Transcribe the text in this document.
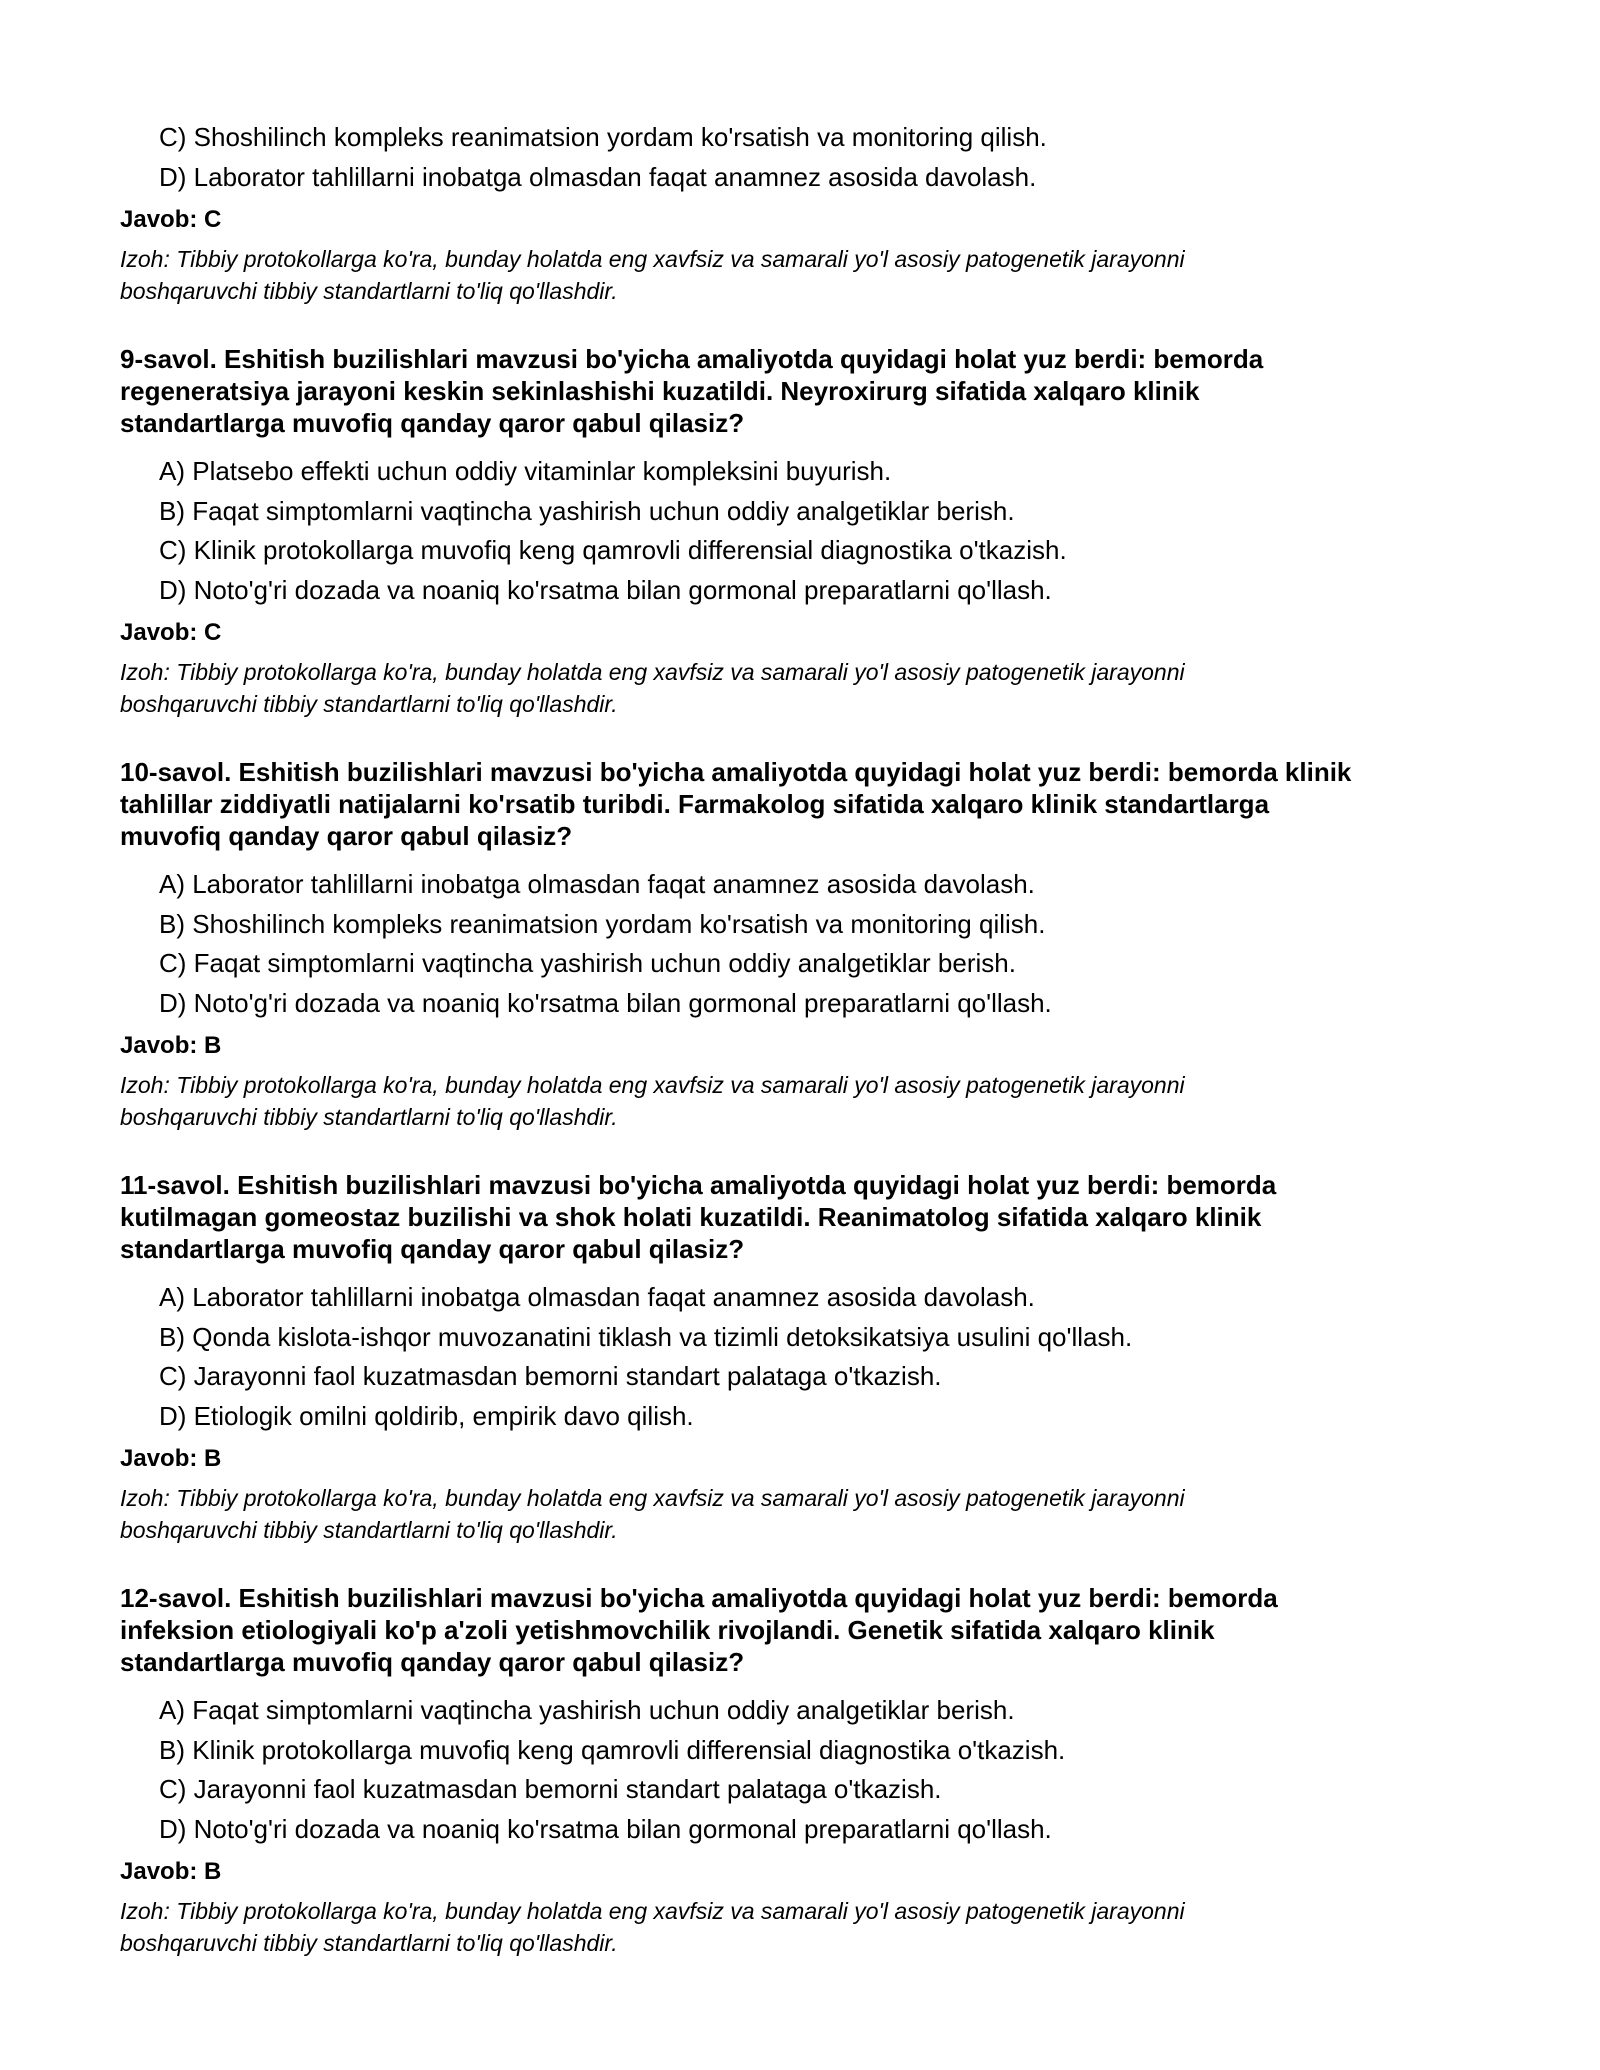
C) Shoshilinch kompleks reanimatsion yordam ko'rsatish va monitoring qilish.
D) Laborator tahlillarni inobatga olmasdan faqat anamnez asosida davolash.
Javob: C
Izoh: Tibbiy protokollarga ko'ra, bunday holatda eng xavfsiz va samarali yo'l asosiy patogenetik jarayonni
boshqaruvchi tibbiy standartlarni to'liq qo'llashdir.
9-savol. Eshitish buzilishlari mavzusi bo'yicha amaliyotda quyidagi holat yuz berdi: bemorda
regeneratsiya jarayoni keskin sekinlashishi kuzatildi. Neyroxirurg sifatida xalqaro klinik
standartlarga muvofiq qanday qaror qabul qilasiz?
A) Platsebo effekti uchun oddiy vitaminlar kompleksini buyurish.
B) Faqat simptomlarni vaqtincha yashirish uchun oddiy analgetiklar berish.
C) Klinik protokollarga muvofiq keng qamrovli differensial diagnostika o'tkazish.
D) Noto'g'ri dozada va noaniq ko'rsatma bilan gormonal preparatlarni qo'llash.
Javob: C
Izoh: Tibbiy protokollarga ko'ra, bunday holatda eng xavfsiz va samarali yo'l asosiy patogenetik jarayonni
boshqaruvchi tibbiy standartlarni to'liq qo'llashdir.
10-savol. Eshitish buzilishlari mavzusi bo'yicha amaliyotda quyidagi holat yuz berdi: bemorda klinik
tahlillar ziddiyatli natijalarni ko'rsatib turibdi. Farmakolog sifatida xalqaro klinik standartlarga
muvofiq qanday qaror qabul qilasiz?
A) Laborator tahlillarni inobatga olmasdan faqat anamnez asosida davolash.
B) Shoshilinch kompleks reanimatsion yordam ko'rsatish va monitoring qilish.
C) Faqat simptomlarni vaqtincha yashirish uchun oddiy analgetiklar berish.
D) Noto'g'ri dozada va noaniq ko'rsatma bilan gormonal preparatlarni qo'llash.
Javob: B
Izoh: Tibbiy protokollarga ko'ra, bunday holatda eng xavfsiz va samarali yo'l asosiy patogenetik jarayonni
boshqaruvchi tibbiy standartlarni to'liq qo'llashdir.
11-savol. Eshitish buzilishlari mavzusi bo'yicha amaliyotda quyidagi holat yuz berdi: bemorda
kutilmagan gomeostaz buzilishi va shok holati kuzatildi. Reanimatolog sifatida xalqaro klinik
standartlarga muvofiq qanday qaror qabul qilasiz?
A) Laborator tahlillarni inobatga olmasdan faqat anamnez asosida davolash.
B) Qonda kislota-ishqor muvozanatini tiklash va tizimli detoksikatsiya usulini qo'llash.
C) Jarayonni faol kuzatmasdan bemorni standart palataga o'tkazish.
D) Etiologik omilni qoldirib, empirik davo qilish.
Javob: B
Izoh: Tibbiy protokollarga ko'ra, bunday holatda eng xavfsiz va samarali yo'l asosiy patogenetik jarayonni
boshqaruvchi tibbiy standartlarni to'liq qo'llashdir.
12-savol. Eshitish buzilishlari mavzusi bo'yicha amaliyotda quyidagi holat yuz berdi: bemorda
infeksion etiologiyali ko'p a'zoli yetishmovchilik rivojlandi. Genetik sifatida xalqaro klinik
standartlarga muvofiq qanday qaror qabul qilasiz?
A) Faqat simptomlarni vaqtincha yashirish uchun oddiy analgetiklar berish.
B) Klinik protokollarga muvofiq keng qamrovli differensial diagnostika o'tkazish.
C) Jarayonni faol kuzatmasdan bemorni standart palataga o'tkazish.
D) Noto'g'ri dozada va noaniq ko'rsatma bilan gormonal preparatlarni qo'llash.
Javob: B
Izoh: Tibbiy protokollarga ko'ra, bunday holatda eng xavfsiz va samarali yo'l asosiy patogenetik jarayonni
boshqaruvchi tibbiy standartlarni to'liq qo'llashdir.
